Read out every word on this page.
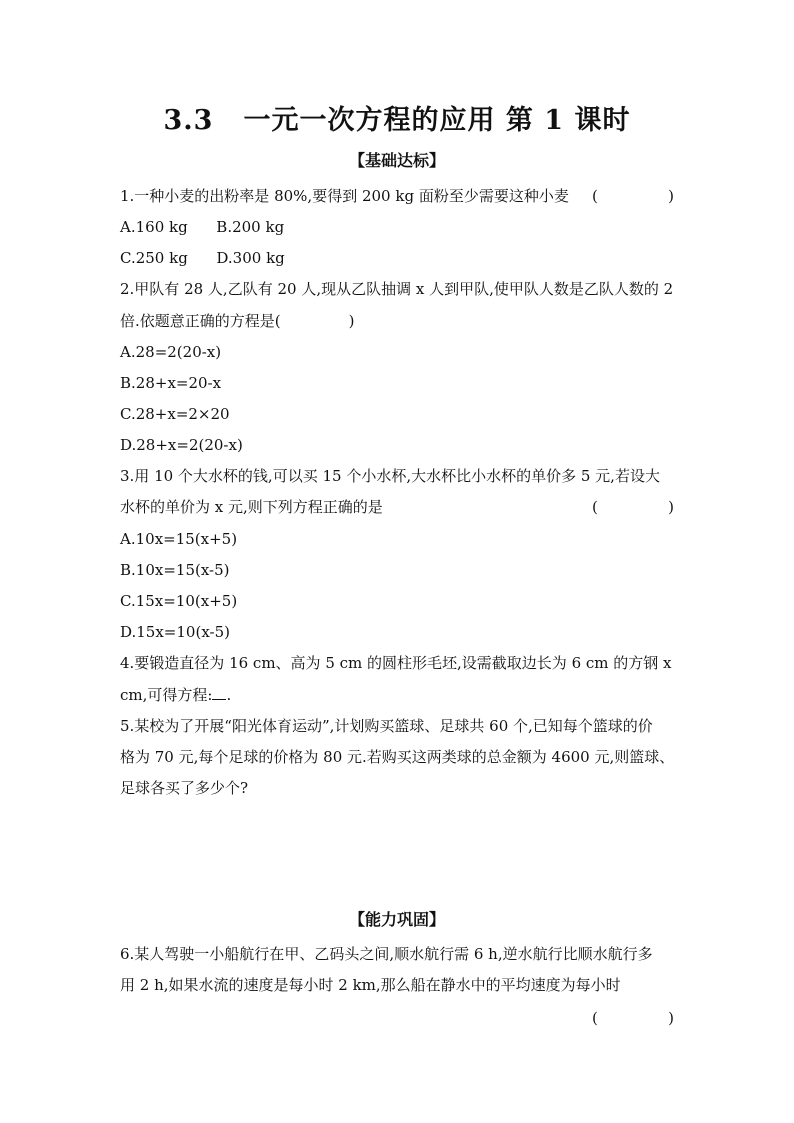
3.3 一元一次方程的应用 第 1 课时
【基础达标】
1.一种小麦的出粉率是 80%,要得到 200 kg 面粉至少需要这种小麦 (	)
A.160 kg      B.200 kg
C.250 kg      D.300 kg
2.甲队有 28 人,乙队有 20 人,现从乙队抽调 x 人到甲队,使甲队人数是乙队人数的 2
倍.依题意正确的方程是(	)
A.28=2(20-x)
B.28+x=20-x
C.28+x=2×20
D.28+x=2(20-x)
3.用 10 个大水杯的钱,可以买 15 个小水杯,大水杯比小水杯的单价多 5 元,若设大
水杯的单价为 x 元,则下列方程正确的是	(	)
A.10x=15(x+5)
B.10x=15(x-5)
C.15x=10(x+5)
D.15x=10(x-5)
4.要锻造直径为 16 cm、高为 5 cm 的圆柱形毛坯,设需截取边长为 6 cm 的方钢 x
cm,可得方程: .
5.某校为了开展“阳光体育运动”,计划购买篮球、足球共 60 个,已知每个篮球的价
格为 70 元,每个足球的价格为 80 元.若购买这两类球的总金额为 4600 元,则篮球、
足球各买了多少个?
【能力巩固】
6.某人驾驶一小船航行在甲、乙码头之间,顺水航行需 6 h,逆水航行比顺水航行多
用 2 h,如果水流的速度是每小时 2 km,那么船在静水中的平均速度为每小时
(	)
